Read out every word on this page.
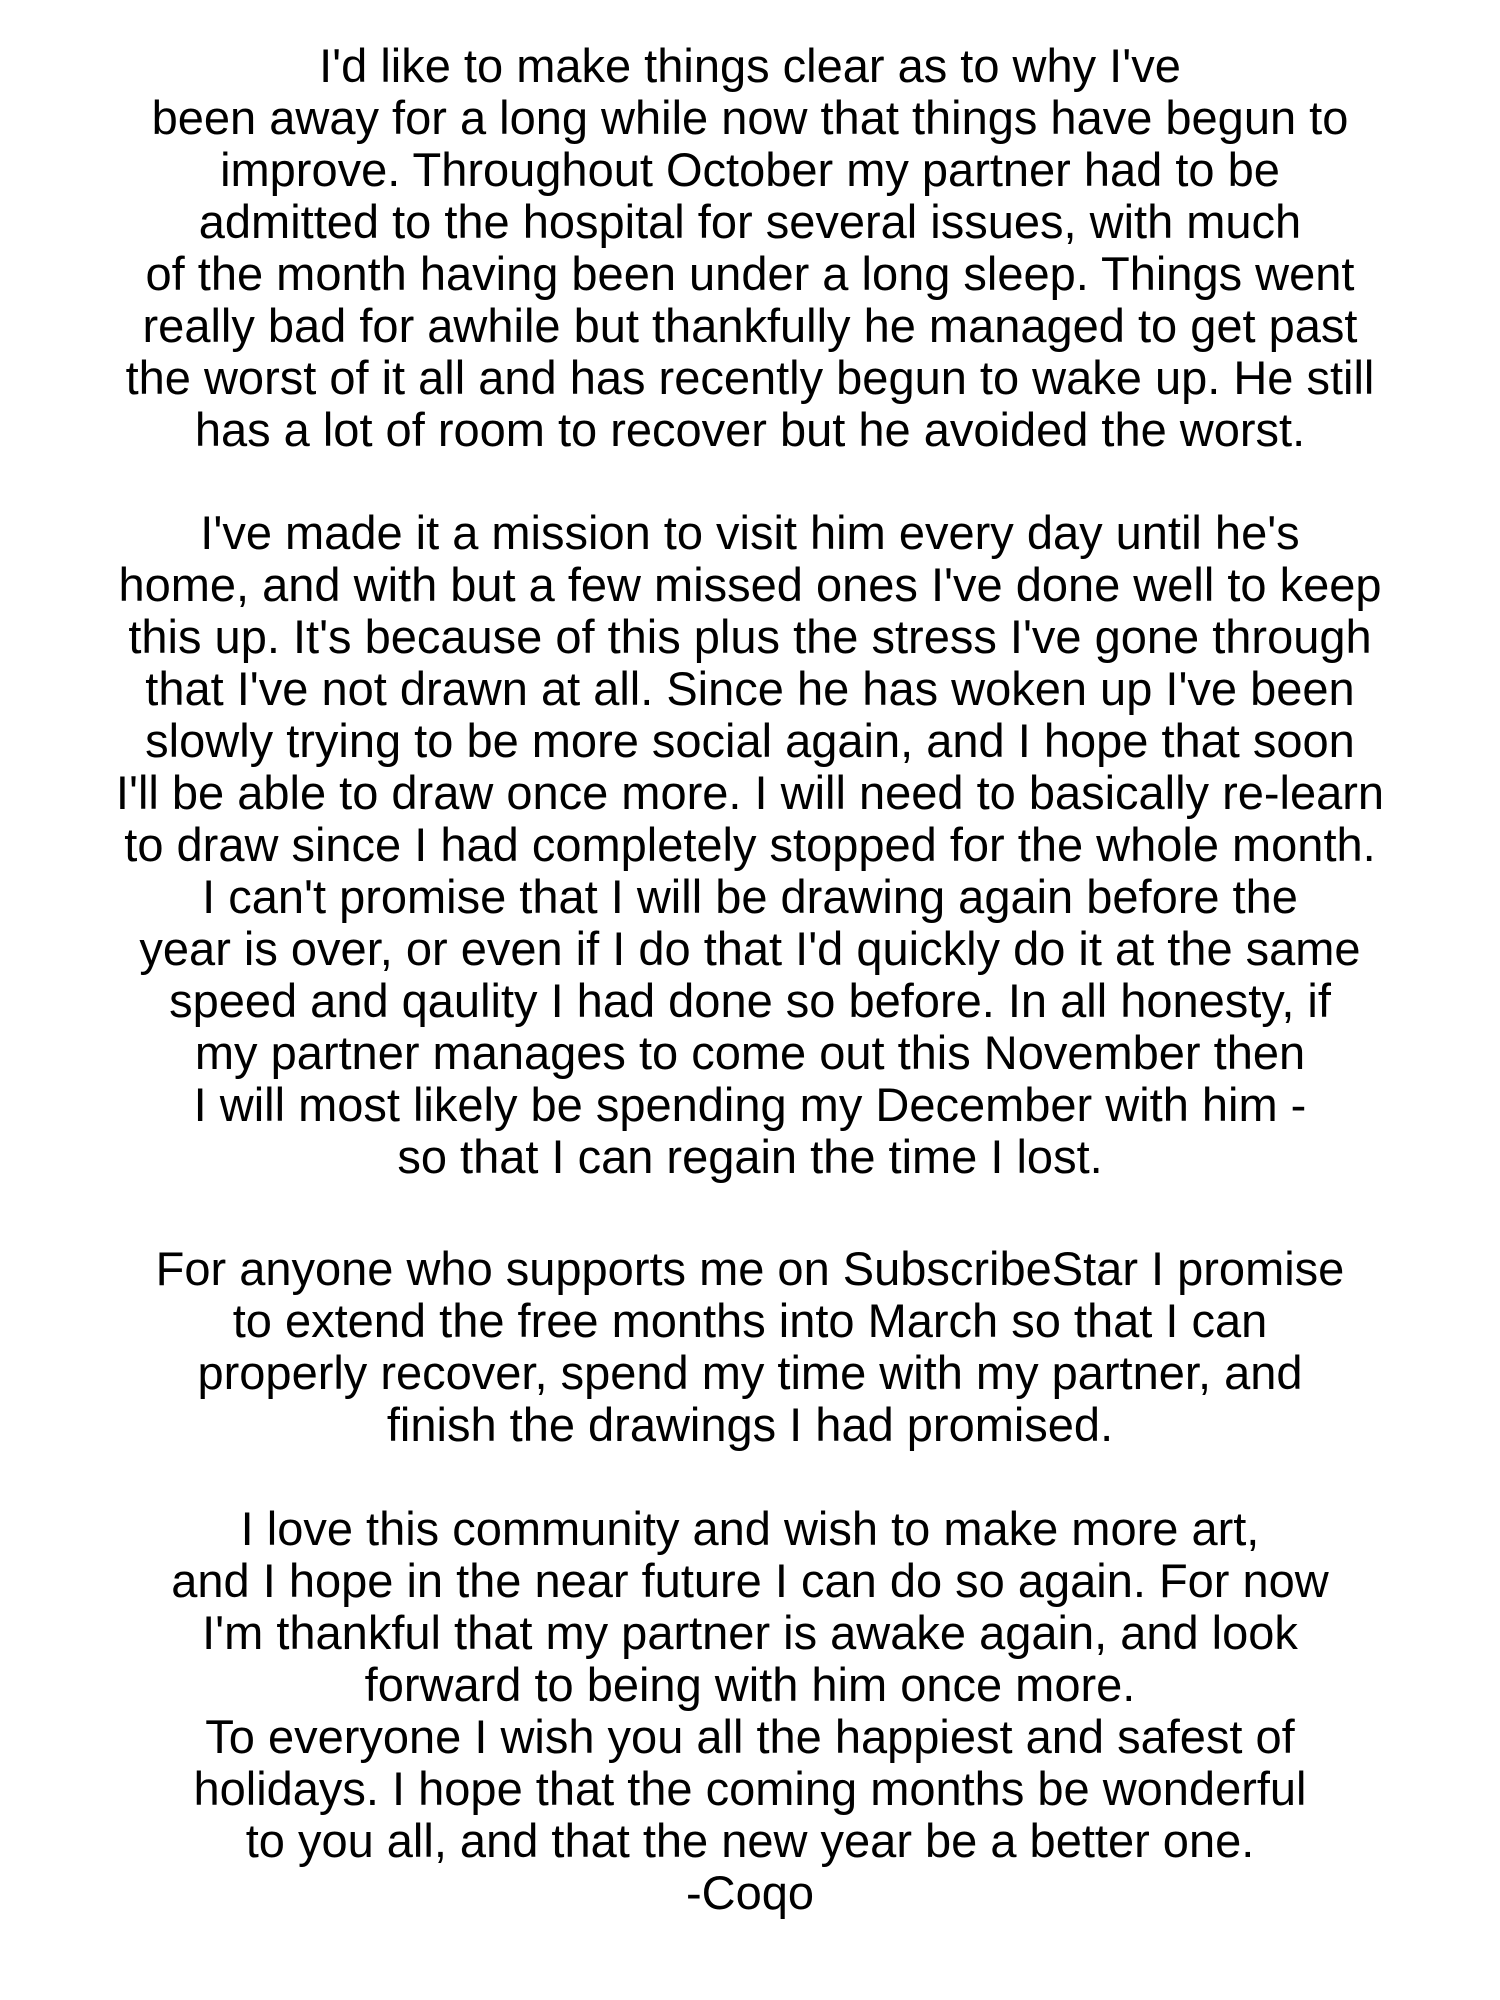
I'd like to make things clear as to why I've
been away for a long while now that things have begun to
improve. Throughout October my partner had to be
admitted to the hospital for several issues, with much
of the month having been under a long sleep. Things went
really bad for awhile but thankfully he managed to get past
the worst of it all and has recently begun to wake up. He still
has a lot of room to recover but he avoided the worst.
I've made it a mission to visit him every day until he's
home, and with but a few missed ones I've done well to keep
this up. It's because of this plus the stress I've gone through
that I've not drawn at all. Since he has woken up I've been
slowly trying to be more social again, and I hope that soon
I'll be able to draw once more. I will need to basically re-learn
to draw since I had completely stopped for the whole month.
I can't promise that I will be drawing again before the
year is over, or even if I do that I'd quickly do it at the same
speed and qaulity I had done so before. In all honesty, if
my partner manages to come out this November then
I will most likely be spending my December with him -
so that I can regain the time I lost.
For anyone who supports me on SubscribeStar I promise
to extend the free months into March so that I can
properly recover, spend my time with my partner, and
finish the drawings I had promised.
I love this community and wish to make more art,
and I hope in the near future I can do so again. For now
I'm thankful that my partner is awake again, and look
forward to being with him once more.
To everyone I wish you all the happiest and safest of
holidays. I hope that the coming months be wonderful
to you all, and that the new year be a better one.
-Coqo
